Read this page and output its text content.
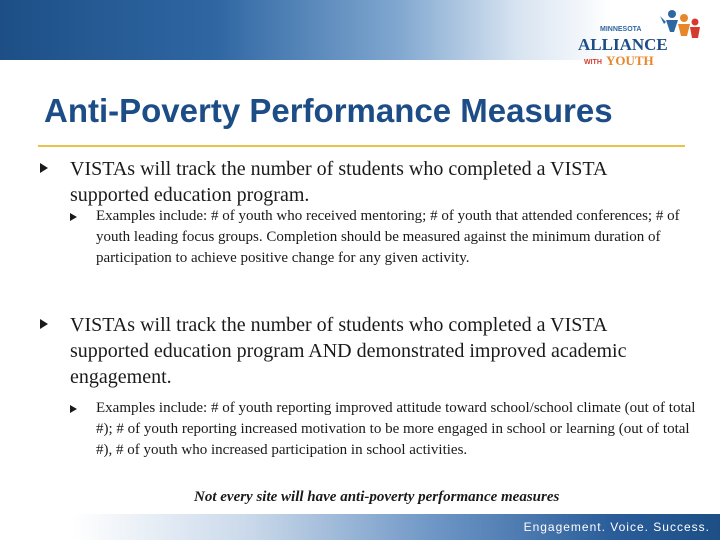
MINNESOTA
ALLIANCE
WITH YOUTH
Anti-Poverty Performance Measures

VISTAs will track the number of students who completed a VISTA supported education program.

Examples include: # of youth who received mentoring; # of youth that attended conferences; # of youth leading focus groups. Completion should be measured against the minimum duration of participation to achieve positive change for any given activity.

VISTAs will track the number of students who completed a VISTA supported education program AND demonstrated improved academic engagement.

Examples include: # of youth reporting improved attitude toward school/school climate (out of total #); # of youth reporting increased motivation to be more engaged in school or learning (out of total #), # of youth who increased participation in school activities.

Not every site will have anti-poverty performance measures

Engagement. Voice. Success.
